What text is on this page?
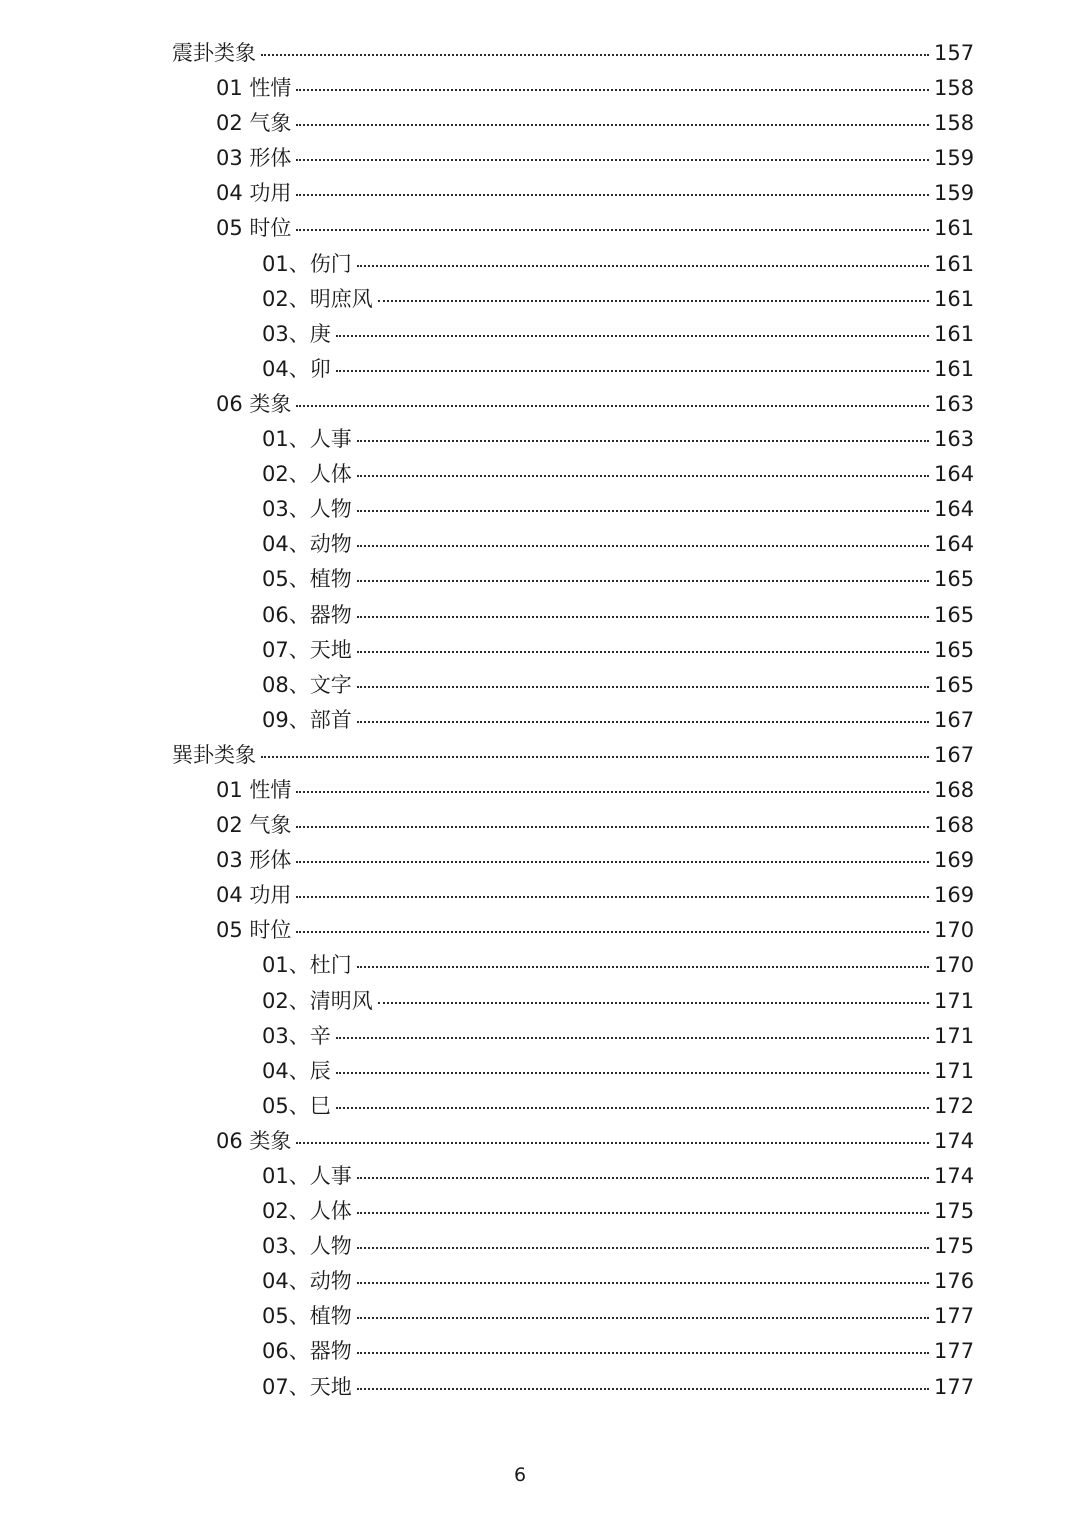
震卦类象	157
01 性情	158
02 气象	158
03 形体	159
04 功用	159
05 时位	161
01、伤门	161
02、明庶风	161
03、庚	161
04、卯	161
06 类象	163
01、人事	163
02、人体	164
03、人物	164
04、动物	164
05、植物	165
06、器物	165
07、天地	165
08、文字	165
09、部首	167
巽卦类象	167
01 性情	168
02 气象	168
03 形体	169
04 功用	169
05 时位	170
01、杜门	170
02、清明风	171
03、辛	171
04、辰	171
05、巳	172
06 类象	174
01、人事	174
02、人体	175
03、人物	175
04、动物	176
05、植物	177
06、器物	177
07、天地	177
6
